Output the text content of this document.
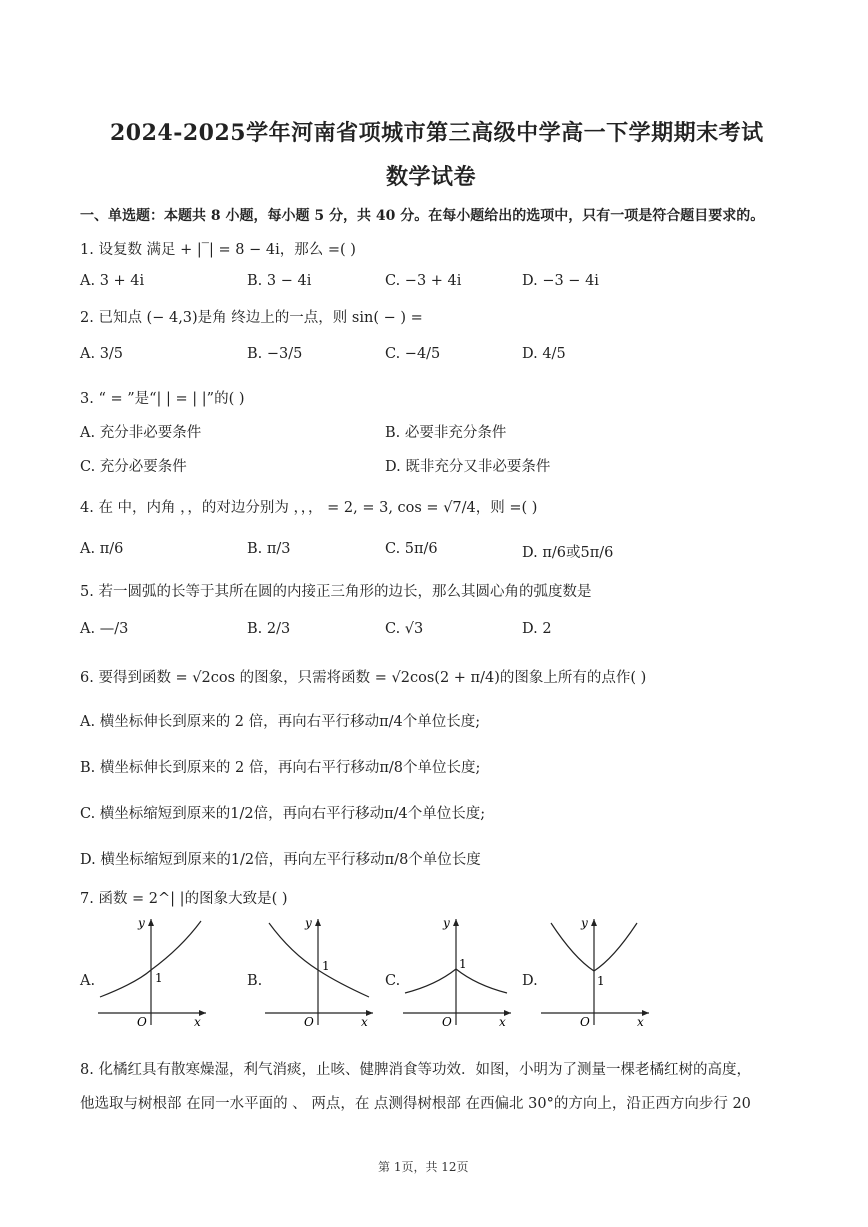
2024-2025学年河南省项城市第三高级中学高一下学期期末考试
数学试卷
一、单选题：本题共 8 小题，每小题 5 分，共 40 分。在每小题给出的选项中，只有一项是符合题目要求的。
1. 设复数 满足 + |‾| = 8 − 4i，那么 =( )
A. 3 + 4i	B. 3 − 4i	C. −3 + 4i	D. −3 − 4i
2. 已知点 (− 4,3)是角 终边上的一点，则 sin( − ) =
A. 3/5	B. −3/5	C. −4/5	D. 4/5
3. “ = ”是“| | = | |”的( )
A. 充分非必要条件	B. 必要非充分条件
C. 充分必要条件	D. 既非充分又非必要条件
4. 在 中，内角 ，，的对边分别为 ，，， = 2, = 3, cos = √7/4，则 =( )
A. π/6	B. π/3	C. 5π/6	D. π/6或5π/6
5. 若一圆弧的长等于其所在圆的内接正三角形的边长，那么其圆心角的弧度数是
A. —/3	B. 2/3	C. √3	D. 2
6. 要得到函数 = √2cos 的图象，只需将函数 = √2cos(2 + π/4)的图象上所有的点作( )
A. 横坐标伸长到原来的 2 倍，再向右平行移动π/4个单位长度;
B. 横坐标伸长到原来的 2 倍，再向右平行移动π/8个单位长度;
C. 横坐标缩短到原来的1/2倍，再向右平行移动π/4个单位长度;
D. 横坐标缩短到原来的1/2倍，再向左平行移动π/8个单位长度
7. 函数 = 2^| |的图象大致是( )
A.	B.	C.	D.
y
x
O
1
y
x
O
1
y
x
O
1
y
x
O
1
8. 化橘红具有散寒燥湿，利气消痰，止咳、健脾消食等功效．如图，小明为了测量一棵老橘红树的高度，
他选取与树根部 在同一水平面的 、 两点，在 点测得树根部 在西偏北 30°的方向上，沿正西方向步行 20
第 1页，共 12页
